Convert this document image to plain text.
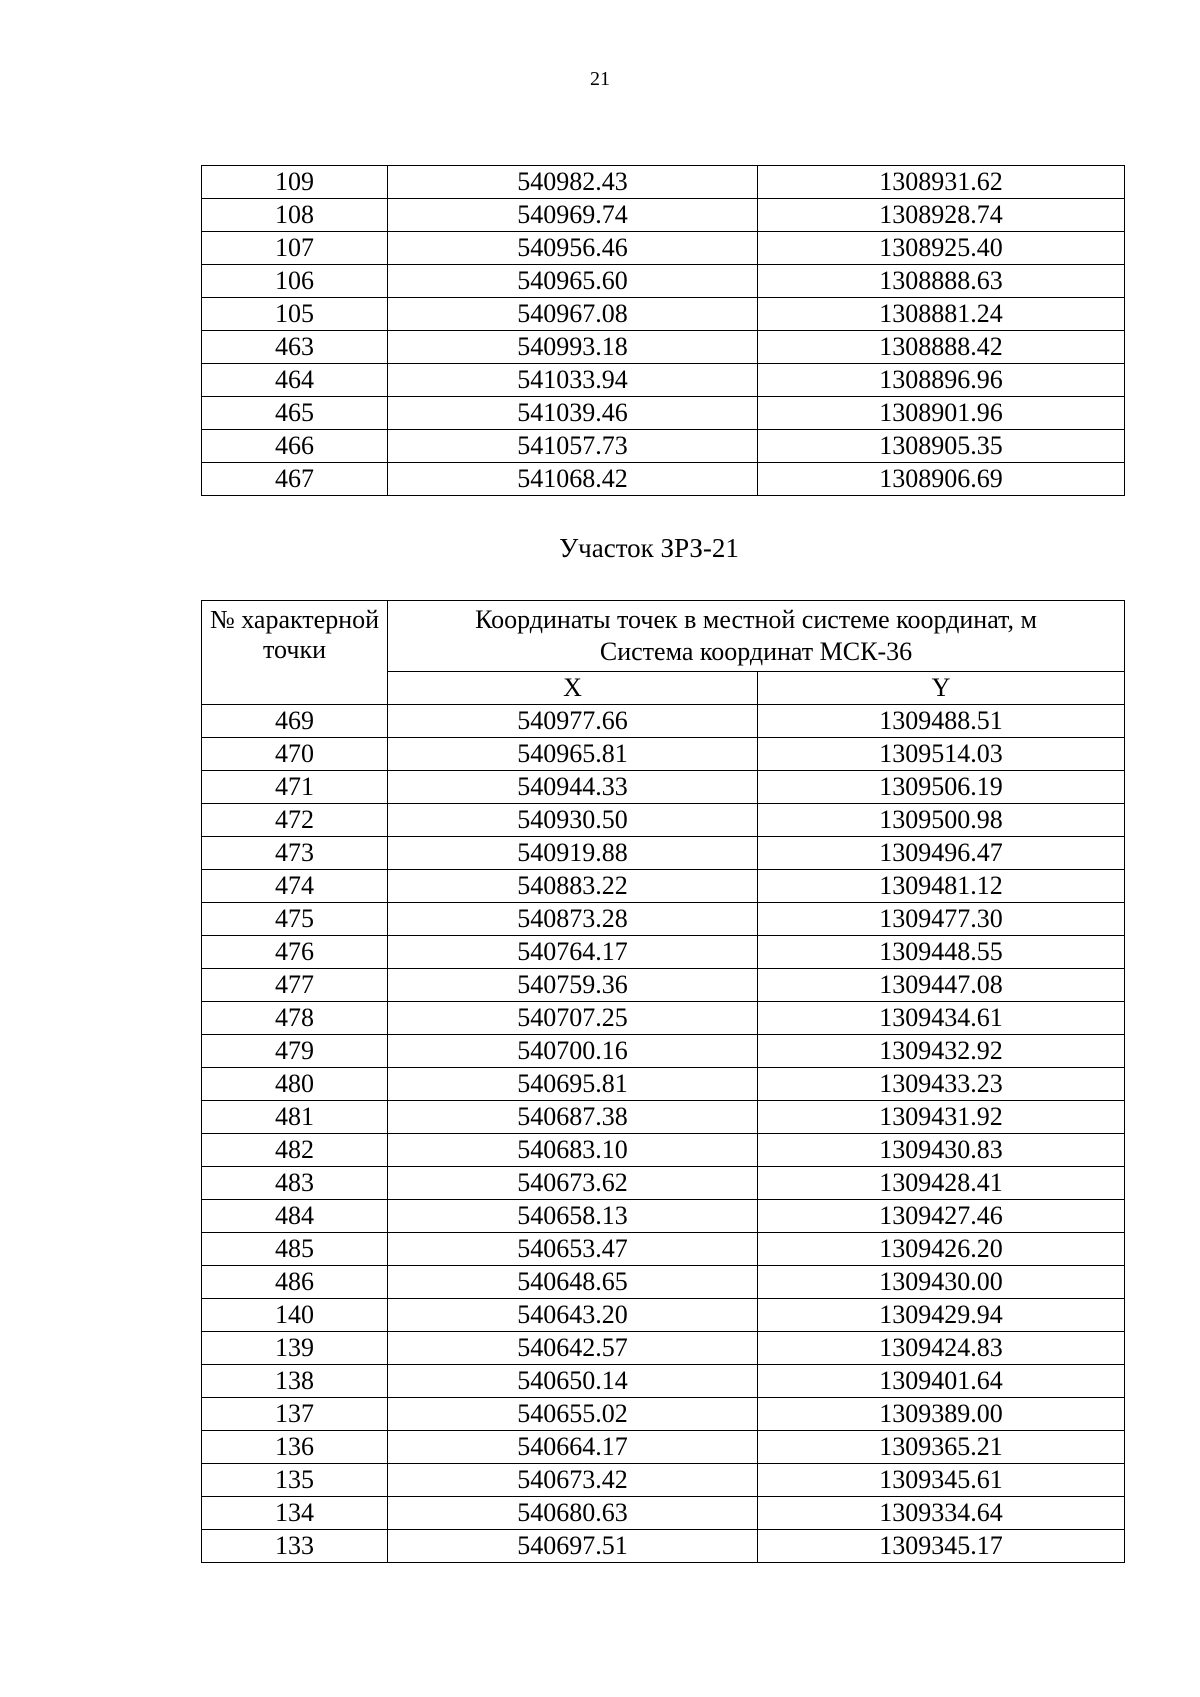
21
109	540982.43	1308931.62
108	540969.74	1308928.74
107	540956.46	1308925.40
106	540965.60	1308888.63
105	540967.08	1308881.24
463	540993.18	1308888.42
464	541033.94	1308896.96
465	541039.46	1308901.96
466	541057.73	1308905.35
467	541068.42	1308906.69
Участок ЗРЗ-21
№ характерной точки	Координаты точек в местной системе координат, м
Система координат МСК-36	

	X	Y
469	540977.66	1309488.51
470	540965.81	1309514.03
471	540944.33	1309506.19
472	540930.50	1309500.98
473	540919.88	1309496.47
474	540883.22	1309481.12
475	540873.28	1309477.30
476	540764.17	1309448.55
477	540759.36	1309447.08
478	540707.25	1309434.61
479	540700.16	1309432.92
480	540695.81	1309433.23
481	540687.38	1309431.92
482	540683.10	1309430.83
483	540673.62	1309428.41
484	540658.13	1309427.46
485	540653.47	1309426.20
486	540648.65	1309430.00
140	540643.20	1309429.94
139	540642.57	1309424.83
138	540650.14	1309401.64
137	540655.02	1309389.00
136	540664.17	1309365.21
135	540673.42	1309345.61
134	540680.63	1309334.64
133	540697.51	1309345.17
